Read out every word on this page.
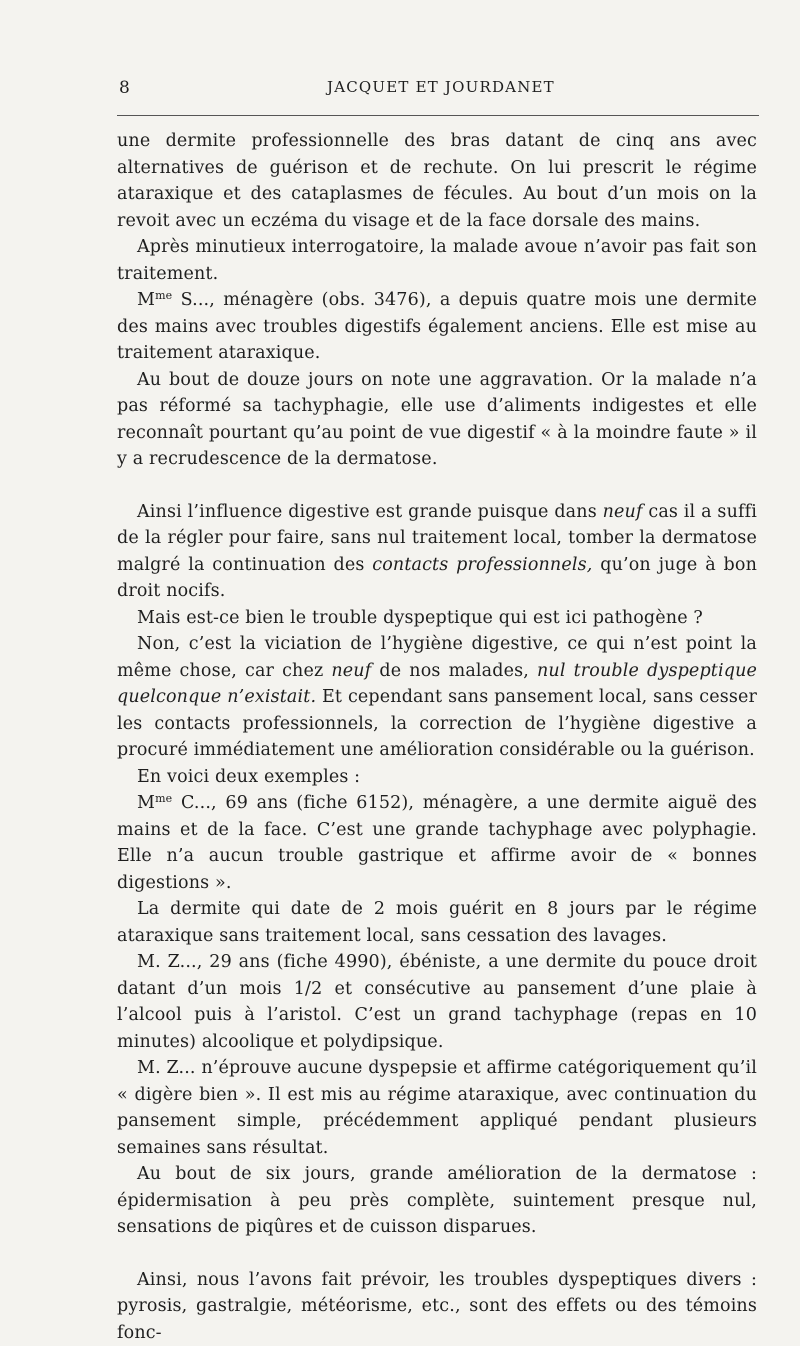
8	JACQUET ET JOURDANET

une dermite professionnelle des bras datant de cinq ans avec alternatives de guérison et de rechute. On lui prescrit le régime ataraxique et des cataplasmes de fécules. Au bout d’un mois on la revoit avec un eczéma du visage et de la face dorsale des mains.

Après minutieux interrogatoire, la malade avoue n’avoir pas fait son traitement.

$M^{me}$ S..., ménagère (obs. 3476), a depuis quatre mois une dermite des mains avec troubles digestifs également anciens. Elle est mise au traitement ataraxique.

Au bout de douze jours on note une aggravation. Or la malade n’a pas réformé sa tachyphagie, elle use d’aliments indigestes et elle reconnaît pourtant qu’au point de vue digestif « à la moindre faute » il y a recrudescence de la dermatose.

Ainsi l’influence digestive est grande puisque dans neuf cas il a suffi de la régler pour faire, sans nul traitement local, tomber la dermatose malgré la continuation des contacts professionnels, qu’on juge à bon droit nocifs.

Mais est-ce bien le trouble dyspeptique qui est ici pathogène ?

Non, c’est la viciation de l’hygiène digestive, ce qui n’est point la même chose, car chez neuf de nos malades, nul trouble dyspeptique quelconque n’existait. Et cependant sans pansement local, sans cesser les contacts professionnels, la correction de l’hygiène digestive a procuré immédiatement une amélioration considérable ou la guérison.

En voici deux exemples :

$M^{me}$ C..., 69 ans (fiche 6152), ménagère, a une dermite aiguë des mains et de la face. C’est une grande tachyphage avec polyphagie. Elle n’a aucun trouble gastrique et affirme avoir de « bonnes digestions ».

La dermite qui date de 2 mois guérit en 8 jours par le régime ataraxique sans traitement local, sans cessation des lavages.

M. Z..., 29 ans (fiche 4990), ébéniste, a une dermite du pouce droit datant d’un mois 1/2 et consécutive au pansement d’une plaie à l’alcool puis à l’aristol. C’est un grand tachyphage (repas en 10 minutes) alcoolique et polydipsique.

M. Z... n’éprouve aucune dyspepsie et affirme catégoriquement qu’il « digère bien ». Il est mis au régime ataraxique, avec continuation du pansement simple, précédemment appliqué pendant plusieurs semaines sans résultat.

Au bout de six jours, grande amélioration de la dermatose : épidermisation à peu près complète, suintement presque nul, sensations de piqûres et de cuisson disparues.

Ainsi, nous l’avons fait prévoir, les troubles dyspeptiques divers : pyrosis, gastralgie, météorisme, etc., sont des effets ou des témoins fonc-
